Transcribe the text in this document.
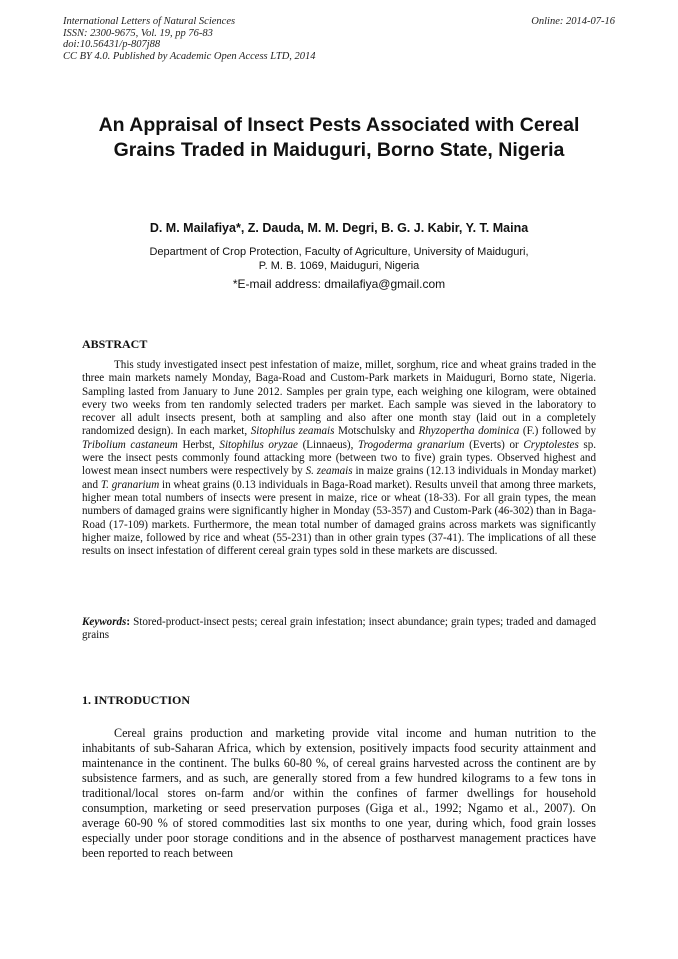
International Letters of Natural Sciences
ISSN: 2300-9675, Vol. 19, pp 76-83
doi:10.56431/p-807j88
CC BY 4.0. Published by Academic Open Access LTD, 2014
Online: 2014-07-16
An Appraisal of Insect Pests Associated with Cereal
Grains Traded in Maiduguri, Borno State, Nigeria
D. M. Mailafiya*, Z. Dauda, M. M. Degri, B. G. J. Kabir, Y. T. Maina
Department of Crop Protection, Faculty of Agriculture, University of Maiduguri,
P. M. B. 1069, Maiduguri, Nigeria
*E-mail address: dmailafiya@gmail.com
ABSTRACT

This study investigated insect pest infestation of maize, millet, sorghum, rice and wheat grains traded in the three main markets namely Monday, Baga-Road and Custom-Park markets in Maiduguri, Borno state, Nigeria. Sampling lasted from January to June 2012. Samples per grain type, each weighing one kilogram, were obtained every two weeks from ten randomly selected traders per market. Each sample was sieved in the laboratory to recover all adult insects present, both at sampling and also after one month stay (laid out in a completely randomized design). In each market, Sitophilus zeamais Motschulsky and Rhyzopertha dominica (F.) followed by Tribolium castaneum Herbst, Sitophilus oryzae (Linnaeus), Trogoderma granarium (Everts) or Cryptolestes sp. were the insect pests commonly found attacking more (between two to five) grain types. Observed highest and lowest mean insect numbers were respectively by S. zeamais in maize grains (12.13 individuals in Monday market) and T. granarium in wheat grains (0.13 individuals in Baga-Road market). Results unveil that among three markets, higher mean total numbers of insects were present in maize, rice or wheat (18-33). For all grain types, the mean numbers of damaged grains were significantly higher in Monday (53-357) and Custom-Park (46-302) than in Baga-Road (17-109) markets. Furthermore, the mean total number of damaged grains across markets was significantly higher maize, followed by rice and wheat (55-231) than in other grain types (37-41). The implications of all these results on insect infestation of different cereal grain types sold in these markets are discussed.

Keywords: Stored-product-insect pests; cereal grain infestation; insect abundance; grain types; traded and damaged grains

1. INTRODUCTION

Cereal grains production and marketing provide vital income and human nutrition to the inhabitants of sub-Saharan Africa, which by extension, positively impacts food security attainment and maintenance in the continent. The bulks 60-80 %, of cereal grains harvested across the continent are by subsistence farmers, and as such, are generally stored from a few hundred kilograms to a few tons in traditional/local stores on-farm and/or within the confines of farmer dwellings for household consumption, marketing or seed preservation purposes (Giga et al., 1992; Ngamo et al., 2007). On average 60-90 % of stored commodities last six months to one year, during which, food grain losses especially under poor storage conditions and in the absence of postharvest management practices have been reported to reach between
